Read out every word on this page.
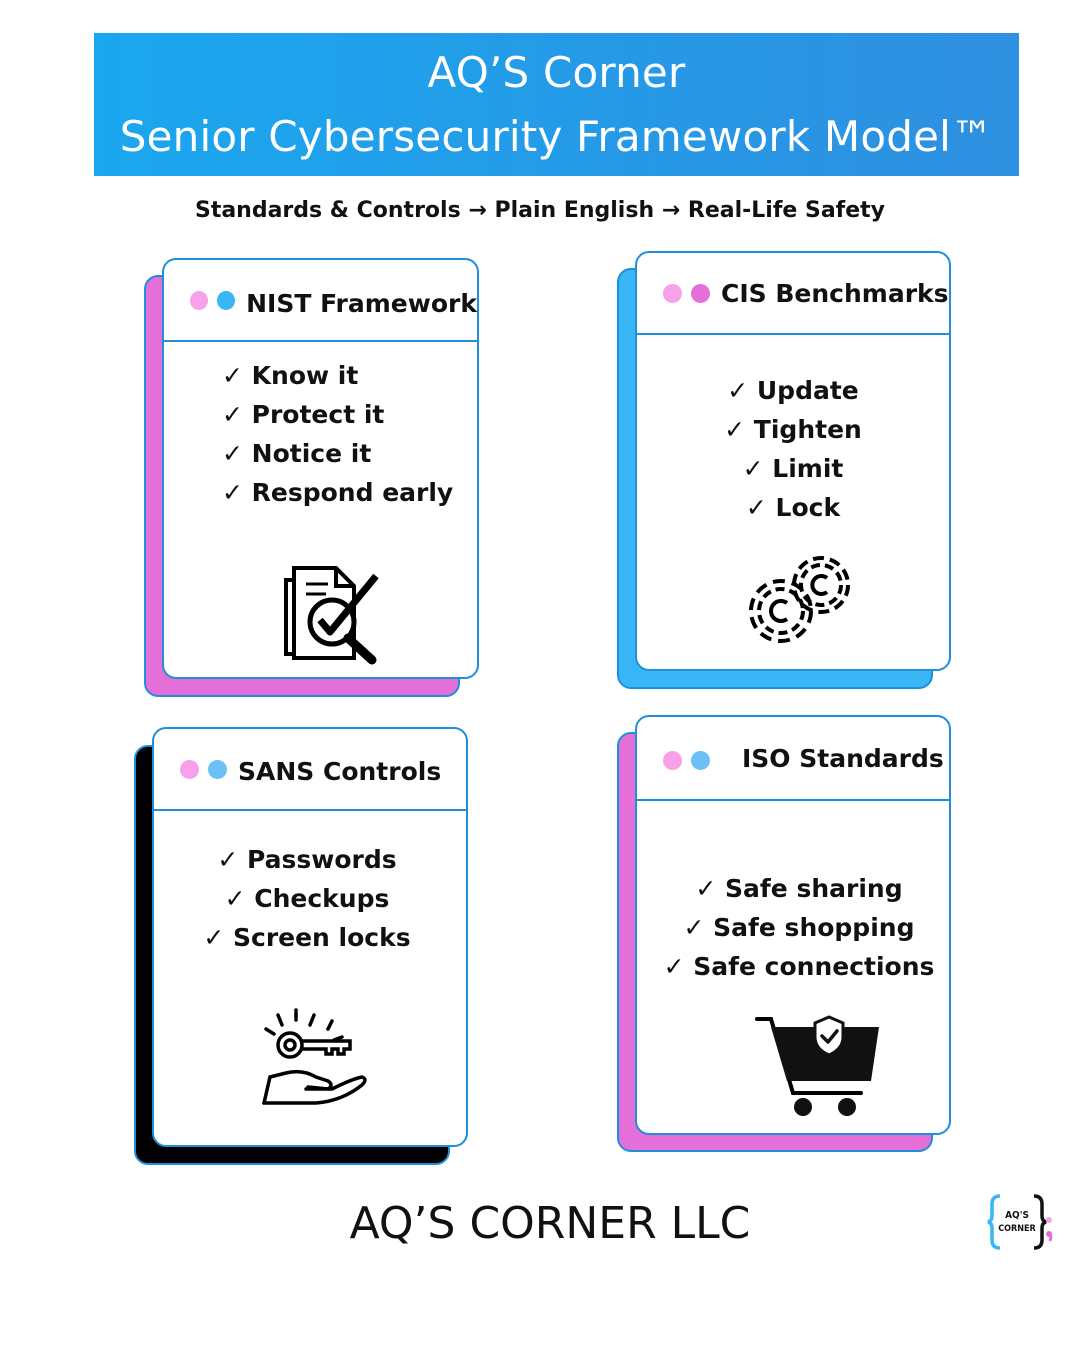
AQ’S Corner
Senior Cybersecurity Framework Model™
Standards & Controls → Plain English → Real-Life Safety
NIST Framework
✓ Know it
✓ Protect it
✓ Notice it
✓ Respond early
CIS Benchmarks
✓ Update
✓ Tighten
✓ Limit
✓ Lock
SANS Controls
✓ Passwords
✓ Checkups
✓ Screen locks
ISO Standards
✓ Safe sharing
✓ Safe shopping
✓ Safe connections
AQ’S CORNER LLC	AQ'S
CORNER
